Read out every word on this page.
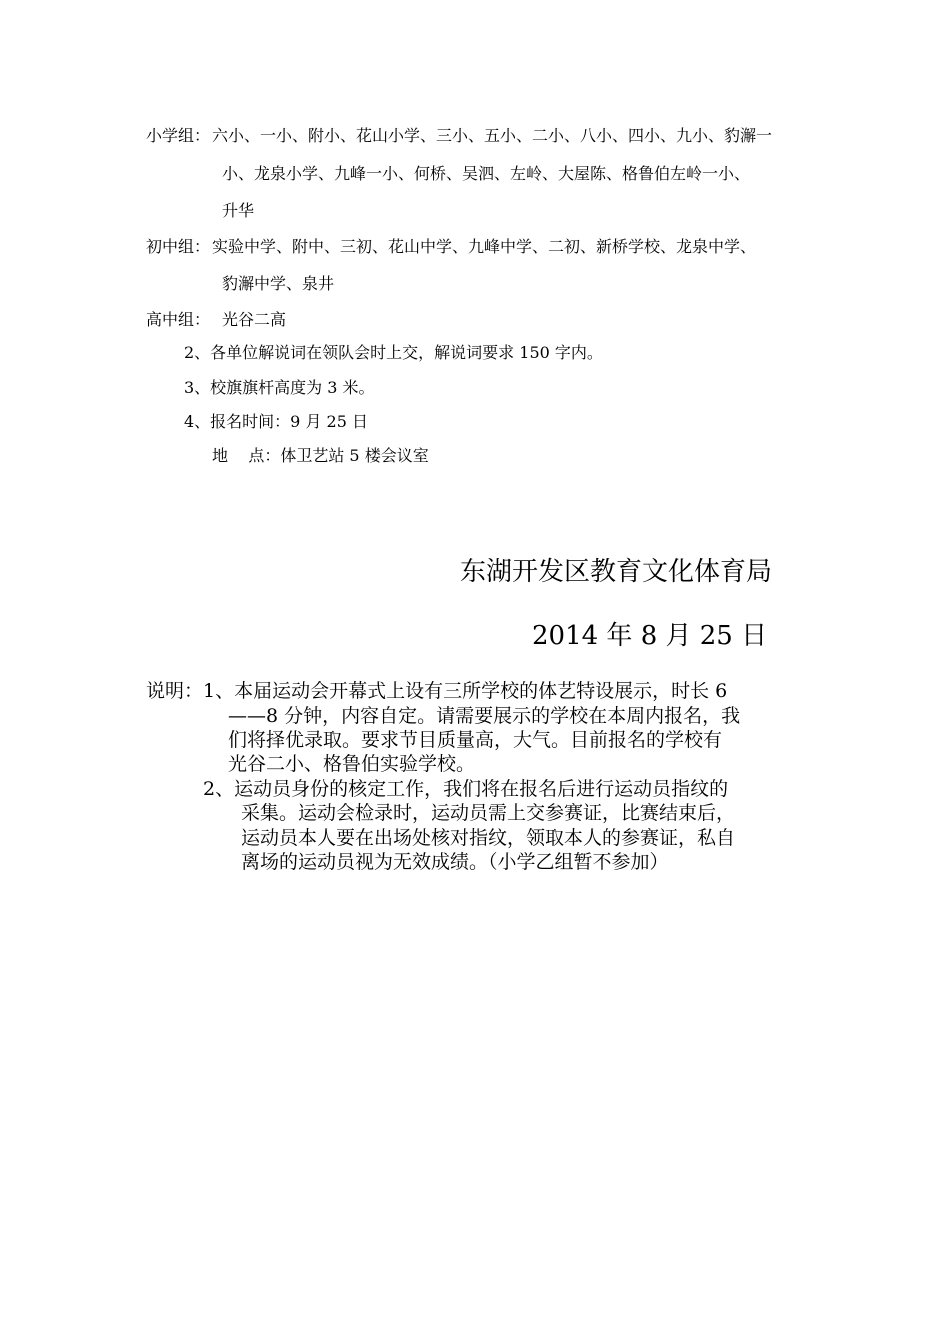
小学组： 六小、一小、附小、花山小学、三小、五小、二小、八小、四小、九小、豹澥一
小、龙泉小学、九峰一小、何桥、吴泗、左岭、大屋陈、格鲁伯左岭一小、
升华
初中组： 实验中学、附中、三初、花山中学、九峰中学、二初、新桥学校、龙泉中学、
豹澥中学、泉井
高中组： 光谷二高
2、各单位解说词在领队会时上交，解说词要求 150 字内。
3、校旗旗杆高度为 3 米。
4、报名时间：9 月 25 日
地    点：体卫艺站 5 楼会议室
东湖开发区教育文化体育局
2014 年 8 月 25 日
说明： 1、本届运动会开幕式上设有三所学校的体艺特设展示，时长 6
——8 分钟，内容自定。请需要展示的学校在本周内报名，我
们将择优录取。要求节目质量高，大气。目前报名的学校有
光谷二小、格鲁伯实验学校。
2、运动员身份的核定工作，我们将在报名后进行运动员指纹的
采集。运动会检录时，运动员需上交参赛证，比赛结束后，
运动员本人要在出场处核对指纹，领取本人的参赛证，私自
离场的运动员视为无效成绩。（小学乙组暂不参加）
